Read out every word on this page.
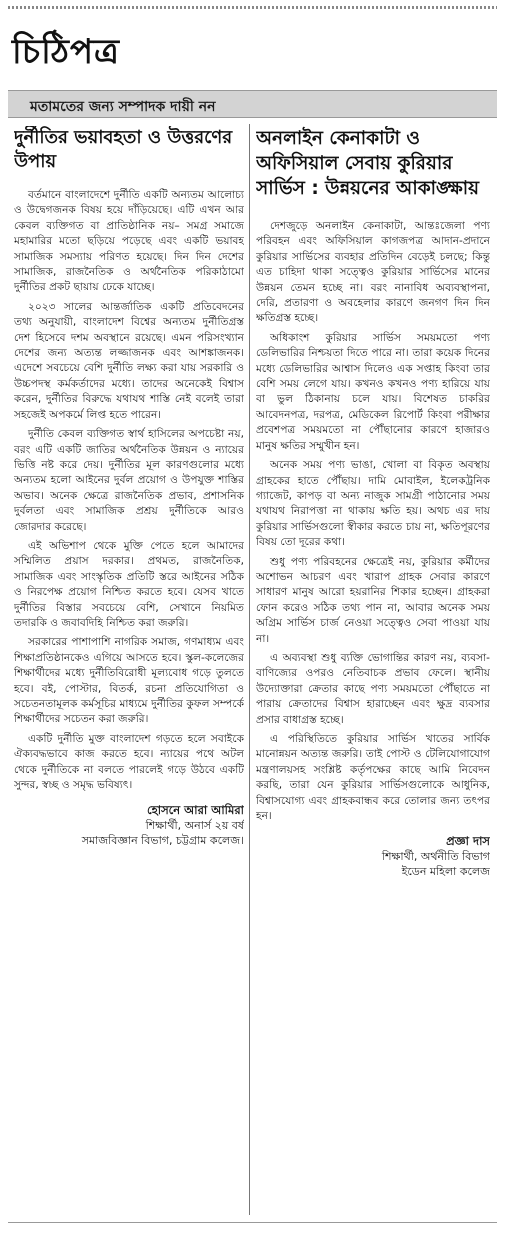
চিঠিপত্র
মতামতের জন্য সম্পাদক দায়ী নন
দুর্নীতির ভয়াবহতা ও উত্তরণের উপায়

বর্তমানে বাংলাদেশে দুর্নীতি একটি অন্যতম আলোচ্য ও উদ্বেগজনক বিষয় হয়ে দাঁড়িয়েছে। এটি এখন আর কেবল ব্যক্তিগত বা প্রাতিষ্ঠানিক নয়– সমগ্র সমাজে মহামারির মতো ছড়িয়ে পড়েছে এবং একটি ভয়াবহ সামাজিক সমস্যায় পরিণত হয়েছে। দিন দিন দেশের সামাজিক, রাজনৈতিক ও অর্থনৈতিক পরিকাঠামো দুর্নীতির প্রকট ছায়ায় ঢেকে যাচ্ছে।

২০২৩ সালের আন্তর্জাতিক একটি প্রতিবেদনের তথ্য অনুযায়ী, বাংলাদেশ বিশ্বের অন্যতম দুর্নীতিগ্রস্ত দেশ হিসেবে দশম অবস্থানে রয়েছে। এমন পরিসংখ্যান দেশের জন্য অত্যন্ত লজ্জাজনক এবং আশঙ্কাজনক। এদেশে সবচেয়ে বেশি দুর্নীতি লক্ষ্য করা যায় সরকারি ও উচ্চপদস্থ কর্মকর্তাদের মধ্যে। তাদের অনেকেই বিশ্বাস করেন, দুর্নীতির বিরুদ্ধে যথাযথ শাস্তি নেই বলেই তারা সহজেই অপকর্মে লিপ্ত হতে পারেন।

দুর্নীতি কেবল ব্যক্তিগত স্বার্থ হাসিলের অপচেষ্টা নয়, বরং এটি একটি জাতির অর্থনৈতিক উন্নয়ন ও ন্যায়ের ভিত্তি নষ্ট করে দেয়। দুর্নীতির মূল কারণগুলোর মধ্যে অন্যতম হলো আইনের দুর্বল প্রয়োগ ও উপযুক্ত শাস্তির অভাব। অনেক ক্ষেত্রে রাজনৈতিক প্রভাব, প্রশাসনিক দুর্বলতা এবং সামাজিক প্রশ্রয় দুর্নীতিকে আরও জোরদার করেছে।

এই অভিশাপ থেকে মুক্তি পেতে হলে আমাদের সম্মিলিত প্রয়াস দরকার। প্রথমত, রাজনৈতিক, সামাজিক এবং সাংস্কৃতিক প্রতিটি স্তরে আইনের সঠিক ও নিরপেক্ষ প্রয়োগ নিশ্চিত করতে হবে। যেসব খাতে দুর্নীতির বিস্তার সবচেয়ে বেশি, সেখানে নিয়মিত তদারকি ও জবাবদিহি নিশ্চিত করা জরুরি।

সরকারের পাশাপাশি নাগরিক সমাজ, গণমাধ্যম এবং শিক্ষাপ্রতিষ্ঠানকেও এগিয়ে আসতে হবে। স্কুল-কলেজের শিক্ষার্থীদের মধ্যে দুর্নীতিবিরোধী মূল্যবোধ গড়ে তুলতে হবে। বই, পোস্টার, বিতর্ক, রচনা প্রতিযোগিতা ও সচেতনতামূলক কর্মসূচির মাধ্যমে দুর্নীতির কুফল সম্পর্কে শিক্ষার্থীদের সচেতন করা জরুরি।

একটি দুর্নীতি মুক্ত বাংলাদেশ গড়তে হলে সবাইকে ঐক্যবদ্ধভাবে কাজ করতে হবে। ন্যায়ের পথে অটল থেকে দুর্নীতিকে না বলতে পারলেই গড়ে উঠবে একটি সুন্দর, স্বচ্ছ ও সমৃদ্ধ ভবিষ্যৎ।

হোসনে আরা আমিরা
শিক্ষার্থী, অনার্স ২য় বর্ষ
সমাজবিজ্ঞান বিভাগ, চট্টগ্রাম কলেজ।
অনলাইন কেনাকাটা ও অফিসিয়াল সেবায় কুরিয়ার সার্ভিস : উন্নয়নের আকাঙ্ক্ষায়

দেশজুড়ে অনলাইন কেনাকাটা, আন্তঃজেলা পণ্য পরিবহন এবং অফিসিয়াল কাগজপত্র আদান-প্রদানে কুরিয়ার সার্ভিসের ব্যবহার প্রতিদিন বেড়েই চলছে; কিন্তু এত চাহিদা থাকা সত্ত্বেও কুরিয়ার সার্ভিসের মানের উন্নয়ন তেমন হচ্ছে না। বরং নানাবিধ অব্যবস্থাপনা, দেরি, প্রতারণা ও অবহেলার কারণে জনগণ দিন দিন ক্ষতিগ্রস্ত হচ্ছে।

অধিকাংশ কুরিয়ার সার্ভিস সময়মতো পণ্য ডেলিভারির নিশ্চয়তা দিতে পারে না। তারা কয়েক দিনের মধ্যে ডেলিভারির আশ্বাস দিলেও এক সপ্তাহ কিংবা তার বেশি সময় লেগে যায়। কখনও কখনও পণ্য হারিয়ে যায় বা ভুল ঠিকানায় চলে যায়। বিশেষত চাকরির আবেদনপত্র, দরপত্র, মেডিকেল রিপোর্ট কিংবা পরীক্ষার প্রবেশপত্র সময়মতো না পৌঁছানোর কারণে হাজারও মানুষ ক্ষতির সম্মুখীন হন।

অনেক সময় পণ্য ভাঙা, খোলা বা বিকৃত অবস্থায় গ্রাহকের হাতে পৌঁছায়। দামি মোবাইল, ইলেকট্রনিক গ্যাজেট, কাপড় বা অন্য নাজুক সামগ্রী পাঠানোর সময় যথাযথ নিরাপত্তা না থাকায় ক্ষতি হয়। অথচ এর দায় কুরিয়ার সার্ভিসগুলো স্বীকার করতে চায় না, ক্ষতিপূরণের বিষয় তো দূরের কথা।

শুধু পণ্য পরিবহনের ক্ষেত্রেই নয়, কুরিয়ার কর্মীদের অশোভন আচরণ এবং খারাপ গ্রাহক সেবার কারণে সাধারণ মানুষ আরো হয়রানির শিকার হচ্ছেন। গ্রাহকরা ফোন করেও সঠিক তথ্য পান না, আবার অনেক সময় অগ্রিম সার্ভিস চার্জ নেওয়া সত্ত্বেও সেবা পাওয়া যায় না।

এ অব্যবস্থা শুধু ব্যক্তি ভোগান্তির কারণ নয়, ব্যবসা-বাণিজ্যের ওপরও নেতিবাচক প্রভাব ফেলে। স্থানীয় উদ্যোক্তারা ক্রেতার কাছে পণ্য সময়মতো পৌঁছাতে না পারায় ক্রেতাদের বিশ্বাস হারাচ্ছেন এবং ক্ষুদ্র ব্যবসার প্রসার বাধাগ্রস্ত হচ্ছে।

এ পরিস্থিতিতে কুরিয়ার সার্ভিস খাতের সার্বিক মানোন্নয়ন অত্যন্ত জরুরি। তাই পোস্ট ও টেলিযোগাযোগ মন্ত্রণালয়সহ সংশ্লিষ্ট কর্তৃপক্ষের কাছে আমি নিবেদন করছি, তারা যেন কুরিয়ার সার্ভিসগুলোকে আধুনিক, বিশ্বাসযোগ্য এবং গ্রাহকবান্ধব করে তোলার জন্য তৎপর হন।

প্রজ্ঞা দাস
শিক্ষার্থী, অর্থনীতি বিভাগ
ইডেন মহিলা কলেজ
